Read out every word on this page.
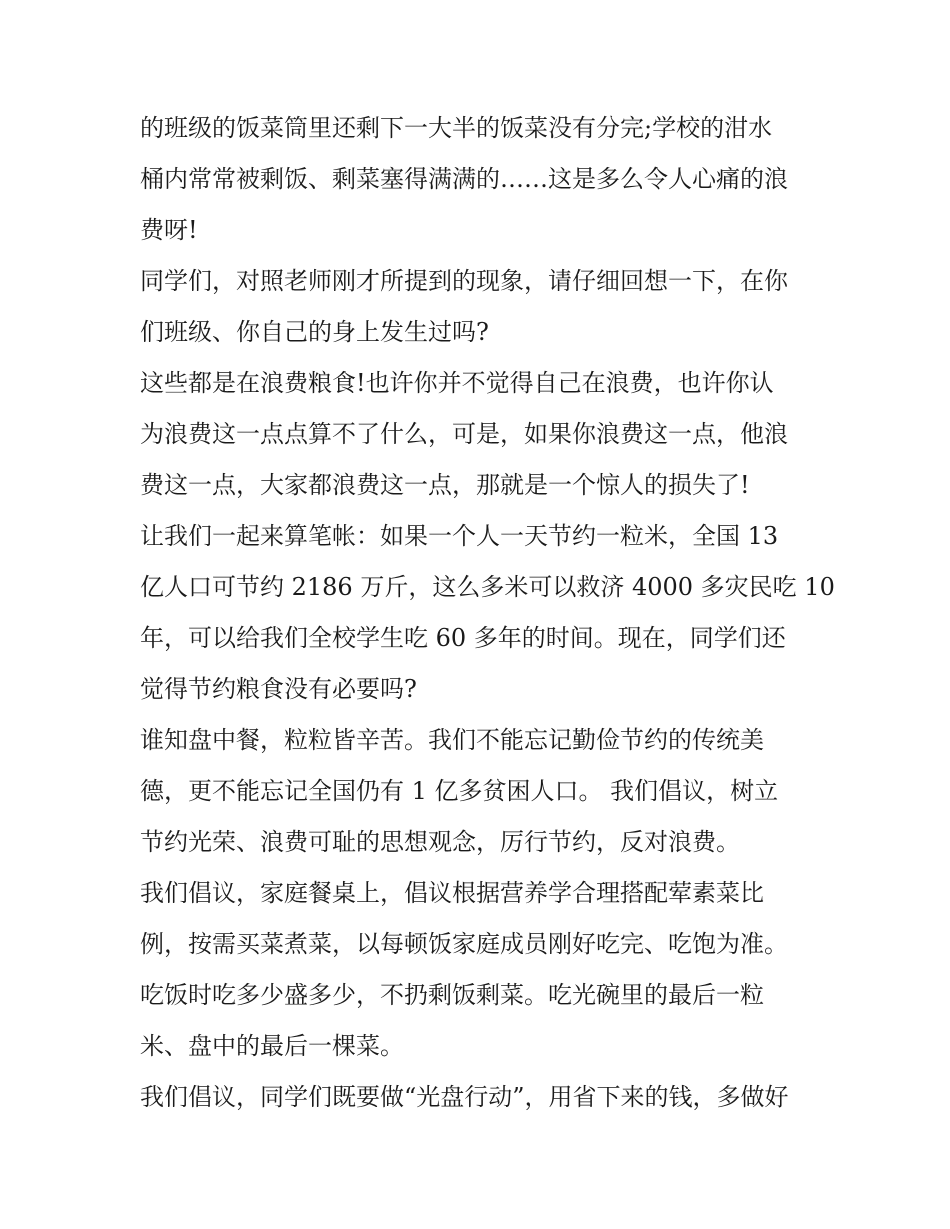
的班级的饭菜筒里还剩下一大半的饭菜没有分完;学校的泔水
桶内常常被剩饭、剩菜塞得满满的……这是多么令人心痛的浪
费呀!
同学们，对照老师刚才所提到的现象，请仔细回想一下，在你
们班级、你自己的身上发生过吗?
这些都是在浪费粮食!也许你并不觉得自己在浪费，也许你认
为浪费这一点点算不了什么，可是，如果你浪费这一点，他浪
费这一点，大家都浪费这一点，那就是一个惊人的损失了!
让我们一起来算笔帐：如果一个人一天节约一粒米，全国 13
亿人口可节约 2186 万斤，这么多米可以救济 4000 多灾民吃 10
年，可以给我们全校学生吃 60 多年的时间。现在，同学们还
觉得节约粮食没有必要吗?
谁知盘中餐，粒粒皆辛苦。我们不能忘记勤俭节约的传统美
德，更不能忘记全国仍有 1 亿多贫困人口。 我们倡议，树立
节约光荣、浪费可耻的思想观念，厉行节约，反对浪费。
我们倡议，家庭餐桌上，倡议根据营养学合理搭配荤素菜比
例，按需买菜煮菜，以每顿饭家庭成员刚好吃完、吃饱为准。
吃饭时吃多少盛多少，不扔剩饭剩菜。吃光碗里的最后一粒
米、盘中的最后一棵菜。
我们倡议，同学们既要做“光盘行动”，用省下来的钱，多做好
